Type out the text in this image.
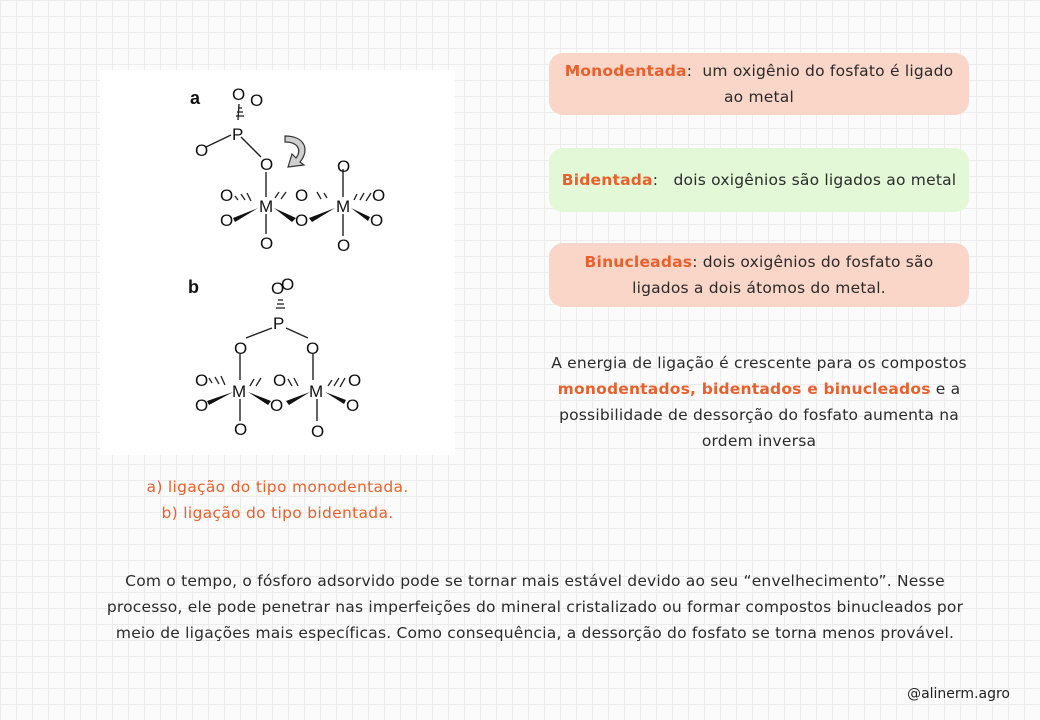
a O O
P
O
O	O
O	O
M	M
O	O	O
O	O
O
b	O
O
P
O	O
O	O	O
M	M
O	O	O
O	O
a) ligação do tipo monodentada.
b) ligação do tipo bidentada.
Monodentada:  um oxigênio do fosfato é ligado ao metal
Bidentada:   dois oxigênios são ligados ao metal
Binucleadas: dois oxigênios do fosfato são ligados a dois átomos do metal.
A energia de ligação é crescente para os compostos monodentados, bidentados e binucleados e a possibilidade de dessorção do fosfato aumenta na ordem inversa
Com o tempo, o fósforo adsorvido pode se tornar mais estável devido ao seu “envelhecimento”. Nesse processo, ele pode penetrar nas imperfeições do mineral cristalizado ou formar compostos binucleados por meio de ligações mais específicas. Como consequência, a dessorção do fosfato se torna menos provável.
@alinerm.agro
